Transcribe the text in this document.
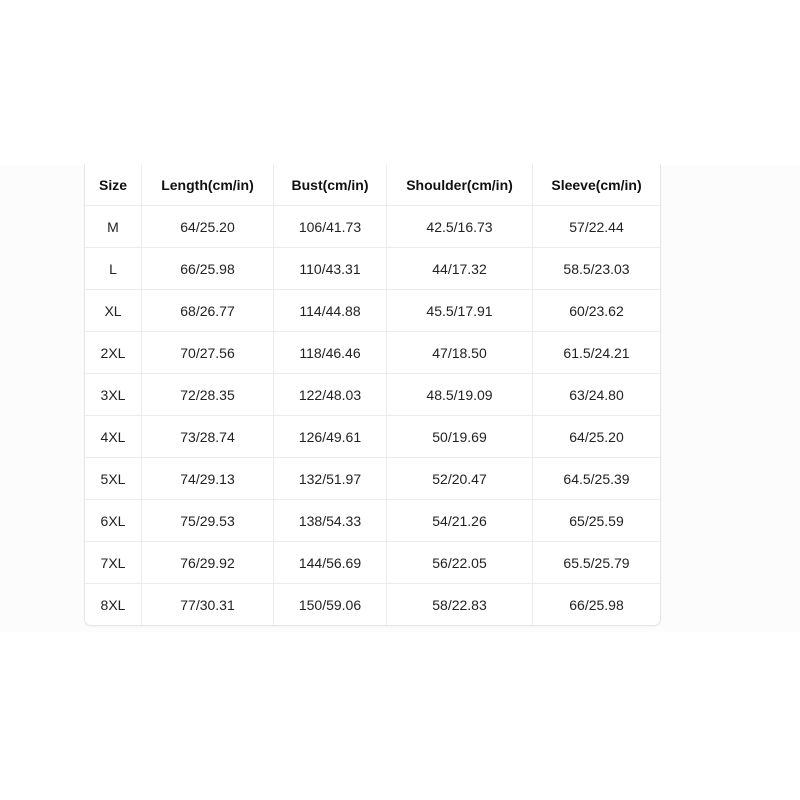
Size	Length(cm/in)	Bust(cm/in)	Shoulder(cm/in)	Sleeve(cm/in)
M	64/25.20	106/41.73	42.5/16.73	57/22.44
L	66/25.98	110/43.31	44/17.32	58.5/23.03
XL	68/26.77	114/44.88	45.5/17.91	60/23.62
2XL	70/27.56	118/46.46	47/18.50	61.5/24.21
3XL	72/28.35	122/48.03	48.5/19.09	63/24.80
4XL	73/28.74	126/49.61	50/19.69	64/25.20
5XL	74/29.13	132/51.97	52/20.47	64.5/25.39
6XL	75/29.53	138/54.33	54/21.26	65/25.59
7XL	76/29.92	144/56.69	56/22.05	65.5/25.79
8XL	77/30.31	150/59.06	58/22.83	66/25.98
